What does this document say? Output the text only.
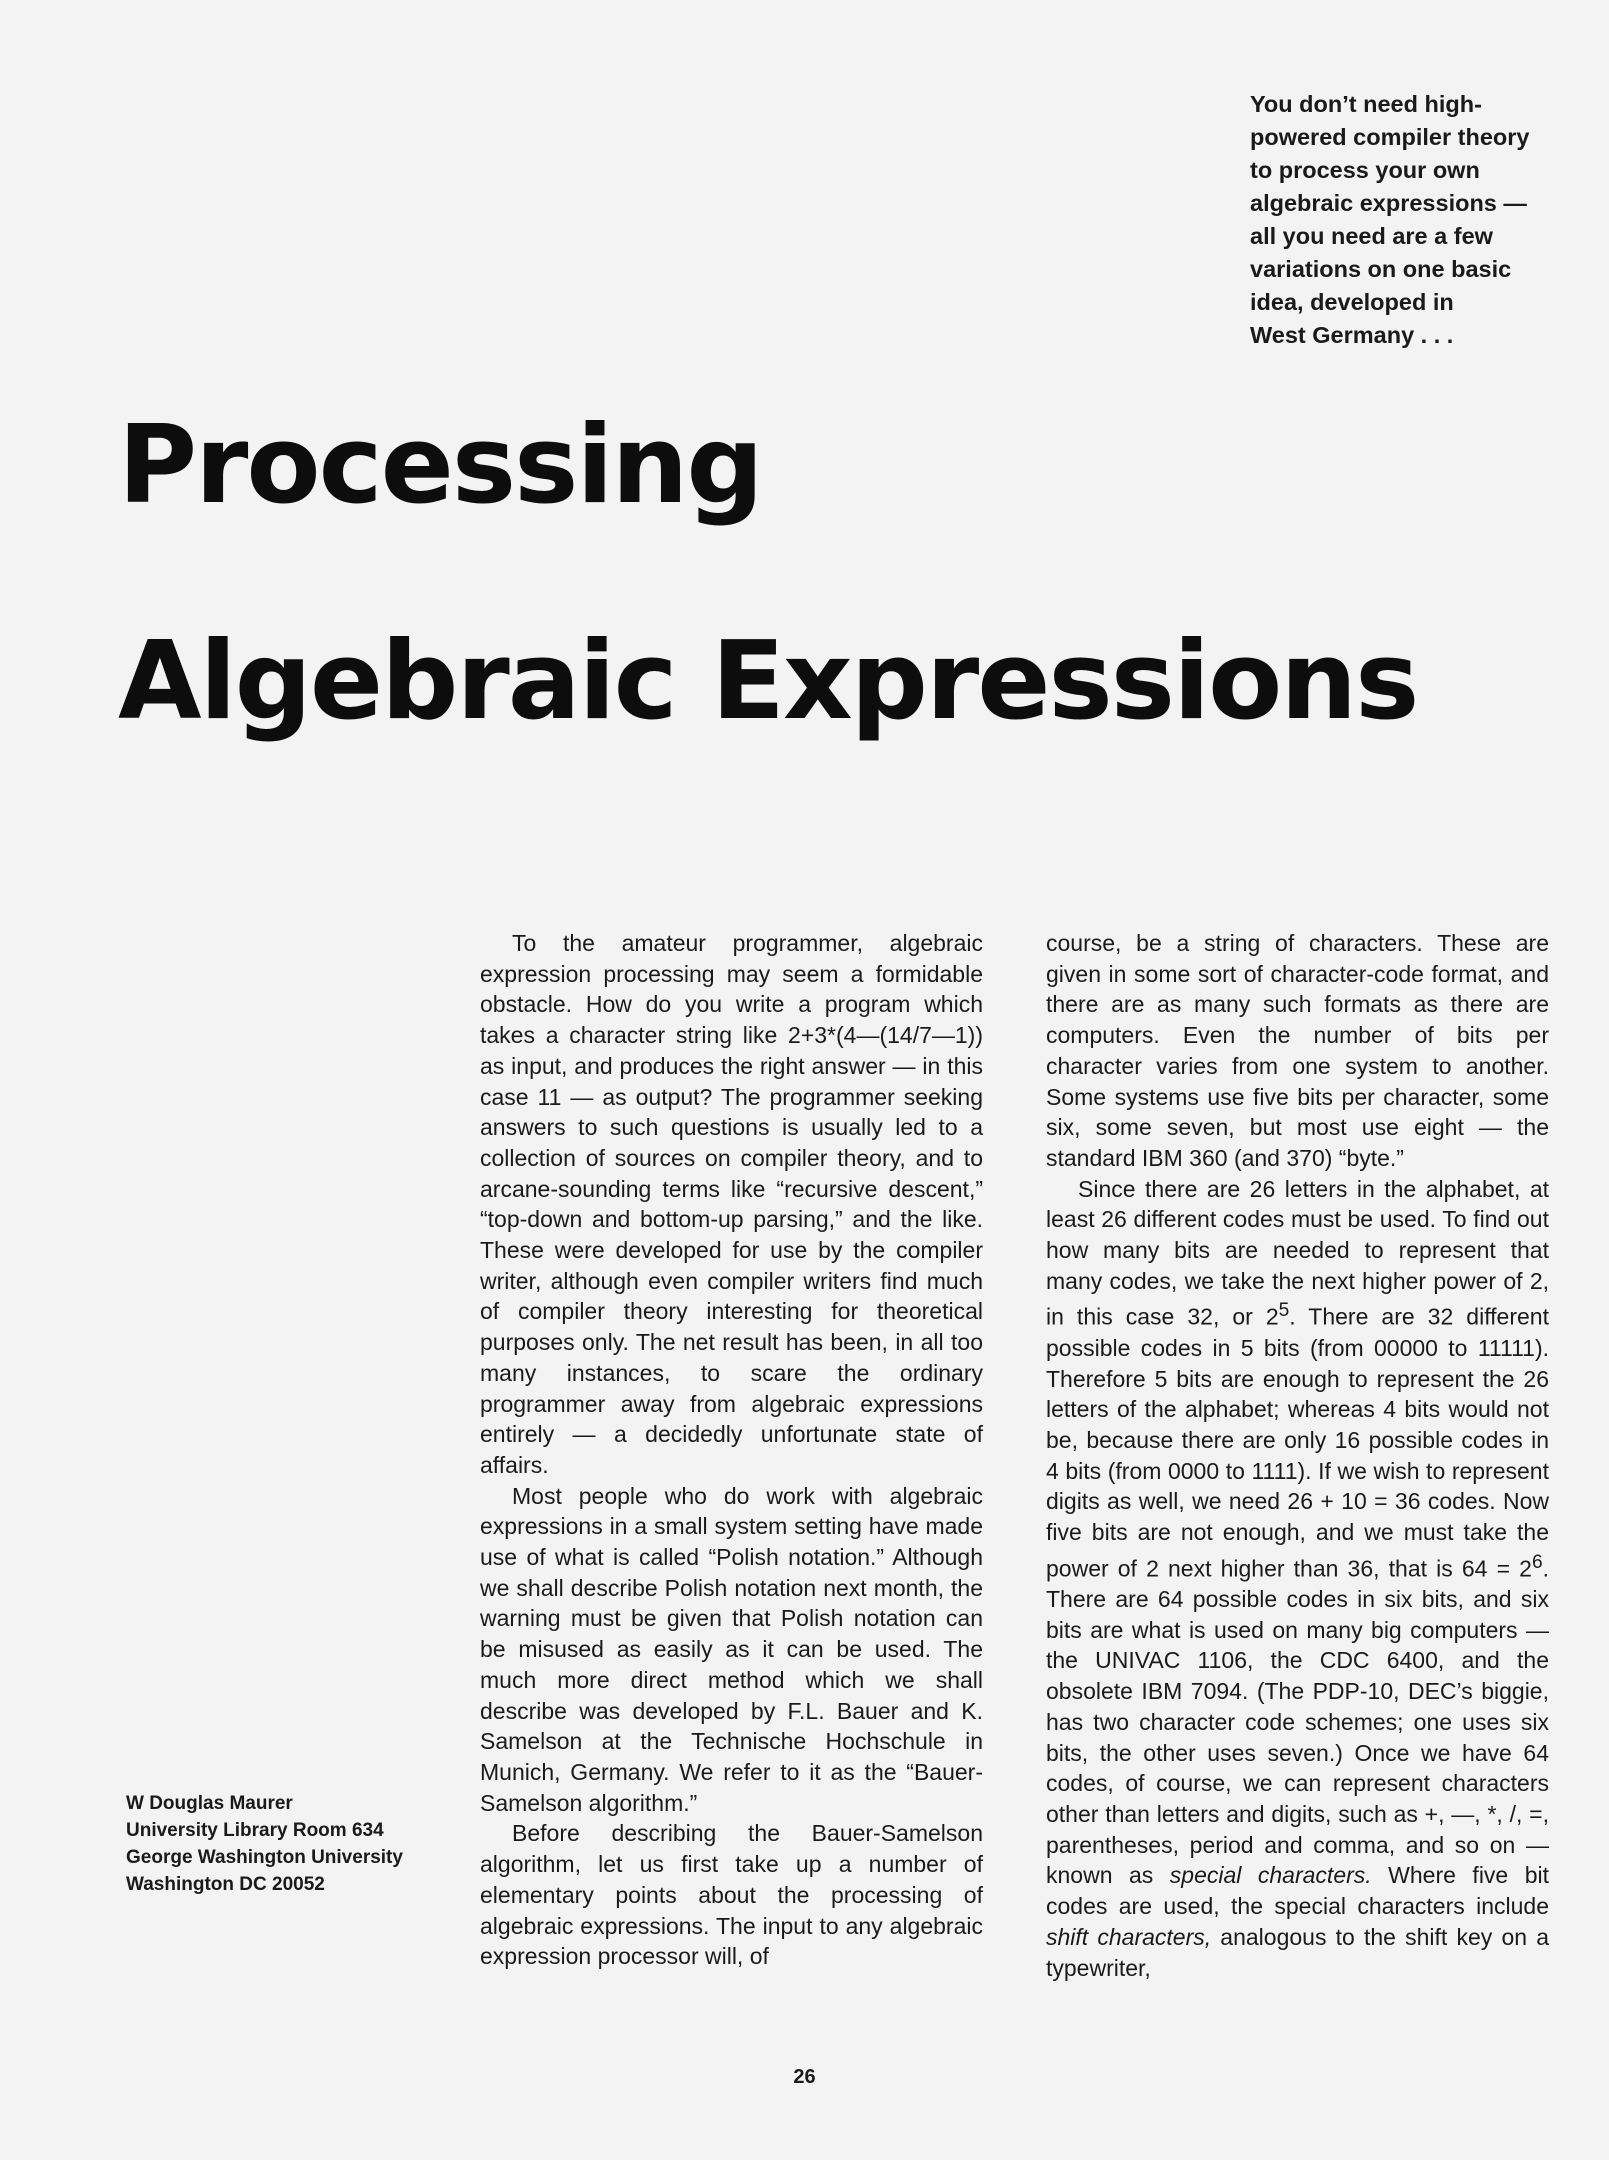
You don’t need high-
powered compiler theory
to process your own
algebraic expressions —
all you need are a few
variations on one basic
idea, developed in
West Germany . . .
Processing
Algebraic Expressions
W Douglas Maurer
University Library Room 634
George Washington University
Washington DC 20052

To the amateur programmer, algebraic expression processing may seem a formidable obstacle. How do you write a program which takes a character string like 2+3*(4—(14/7—1)) as input, and produces the right answer — in this case 11 — as output? The programmer seeking answers to such questions is usually led to a collection of sources on compiler theory, and to arcane-sounding terms like “recursive descent,” “top-down and bottom-up parsing,” and the like. These were developed for use by the compiler writer, although even compiler writers find much of compiler theory interesting for theoretical purposes only. The net result has been, in all too many instances, to scare the ordinary programmer away from algebraic expressions entirely — a decidedly unfortunate state of affairs.

Most people who do work with algebraic expressions in a small system setting have made use of what is called “Polish notation.” Although we shall describe Polish notation next month, the warning must be given that Polish notation can be misused as easily as it can be used. The much more direct method which we shall describe was developed by F.L. Bauer and K. Samelson at the Technische Hochschule in Munich, Germany. We refer to it as the “Bauer-Samelson algorithm.”

Before describing the Bauer-Samelson algorithm, let us first take up a number of elementary points about the processing of algebraic expressions. The input to any algebraic expression processor will, of

course, be a string of characters. These are given in some sort of character-code format, and there are as many such formats as there are computers. Even the number of bits per character varies from one system to another. Some systems use five bits per character, some six, some seven, but most use eight — the standard IBM 360 (and 370) “byte.”

Since there are 26 letters in the alphabet, at least 26 different codes must be used. To find out how many bits are needed to represent that many codes, we take the next higher power of 2, in this case 32, or $2^5$. There are 32 different possible codes in 5 bits (from 00000 to 11111). Therefore 5 bits are enough to represent the 26 letters of the alphabet; whereas 4 bits would not be, because there are only 16 possible codes in 4 bits (from 0000 to 1111). If we wish to represent digits as well, we need 26 + 10 = 36 codes. Now five bits are not enough, and we must take the power of 2 next higher than 36, that is $64 = 2^6$. There are 64 possible codes in six bits, and six bits are what is used on many big computers — the UNIVAC 1106, the CDC 6400, and the obsolete IBM 7094. (The PDP-10, DEC’s biggie, has two character code schemes; one uses six bits, the other uses seven.) Once we have 64 codes, of course, we can represent characters other than letters and digits, such as +, —, *, /, =, parentheses, period and comma, and so on — known as special characters. Where five bit codes are used, the special characters include shift characters, analogous to the shift key on a typewriter,

26
